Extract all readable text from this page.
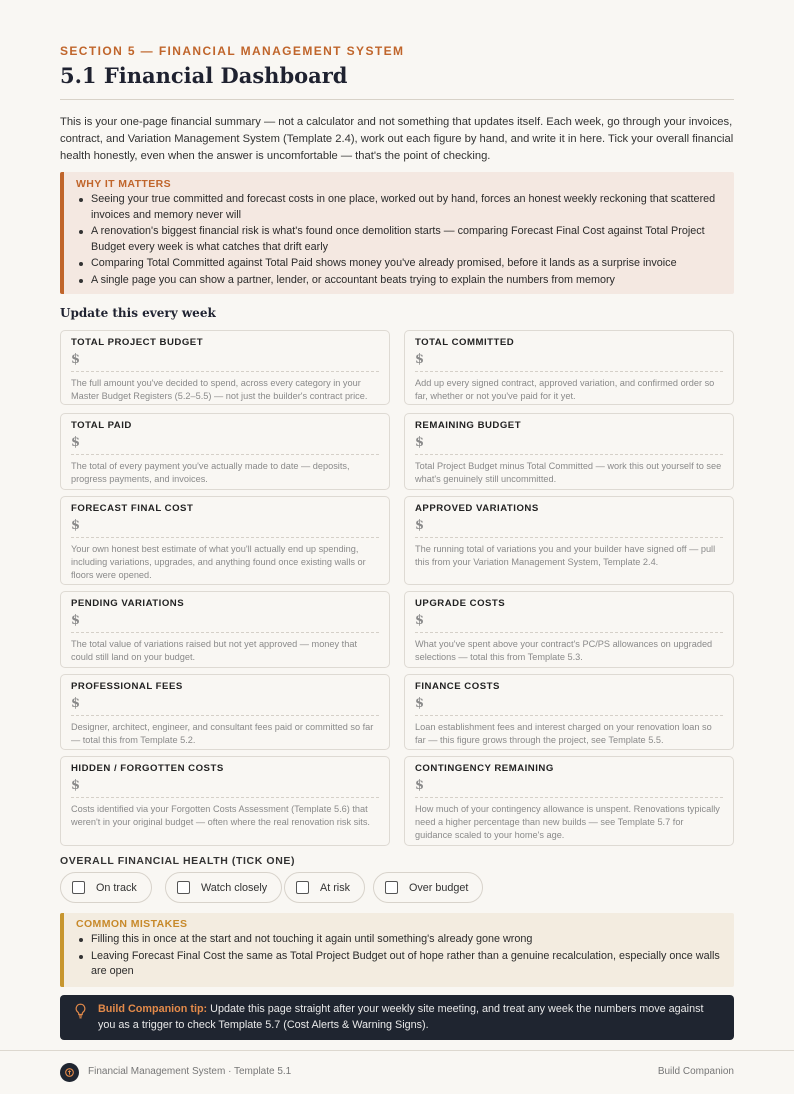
SECTION 5 — FINANCIAL MANAGEMENT SYSTEM
5.1 Financial Dashboard

This is your one-page financial summary — not a calculator and not something that updates itself. Each week, go through your invoices, contract, and Variation Management System (Template 2.4), work out each figure by hand, and write it in here. Tick your overall financial health honestly, even when the answer is uncomfortable — that's the point of checking.

WHY IT MATTERS
Seeing your true committed and forecast costs in one place, worked out by hand, forces an honest weekly reckoning that scattered invoices and memory never will
A renovation's biggest financial risk is what's found once demolition starts — comparing Forecast Final Cost against Total Project Budget every week is what catches that drift early
Comparing Total Committed against Total Paid shows money you've already promised, before it lands as a surprise invoice
A single page you can show a partner, lender, or accountant beats trying to explain the numbers from memory
Update this every week
TOTAL PROJECT BUDGET
$
The full amount you've decided to spend, across every category in your Master Budget Registers (5.2–5.5) — not just the builder's contract price.
TOTAL COMMITTED
$
Add up every signed contract, approved variation, and confirmed order so far, whether or not you've paid for it yet.
TOTAL PAID
$
The total of every payment you've actually made to date — deposits, progress payments, and invoices.
REMAINING BUDGET
$
Total Project Budget minus Total Committed — work this out yourself to see what's genuinely still uncommitted.
FORECAST FINAL COST
$
Your own honest best estimate of what you'll actually end up spending, including variations, upgrades, and anything found once existing walls or floors were opened.
APPROVED VARIATIONS
$
The running total of variations you and your builder have signed off — pull this from your Variation Management System, Template 2.4.
PENDING VARIATIONS
$
The total value of variations raised but not yet approved — money that could still land on your budget.
UPGRADE COSTS
$
What you've spent above your contract's PC/PS allowances on upgraded selections — total this from Template 5.3.
PROFESSIONAL FEES
$
Designer, architect, engineer, and consultant fees paid or committed so far — total this from Template 5.2.
FINANCE COSTS
$
Loan establishment fees and interest charged on your renovation loan so far — this figure grows through the project, see Template 5.5.
HIDDEN / FORGOTTEN COSTS
$
Costs identified via your Forgotten Costs Assessment (Template 5.6) that weren't in your original budget — often where the real renovation risk sits.
CONTINGENCY REMAINING
$
How much of your contingency allowance is unspent. Renovations typically need a higher percentage than new builds — see Template 5.7 for guidance scaled to your home's age.
OVERALL FINANCIAL HEALTH (TICK ONE)
On track	Watch closely	At risk	Over budget
COMMON MISTAKES
Filling this in once at the start and not touching it again until something's already gone wrong
Leaving Forecast Final Cost the same as Total Project Budget out of hope rather than a genuine recalculation, especially once walls are open
Build Companion tip: Update this page straight after your weekly site meeting, and treat any week the numbers move against you as a trigger to check Template 5.7 (Cost Alerts & Warning Signs).
Financial Management System · Template 5.1	Build Companion
